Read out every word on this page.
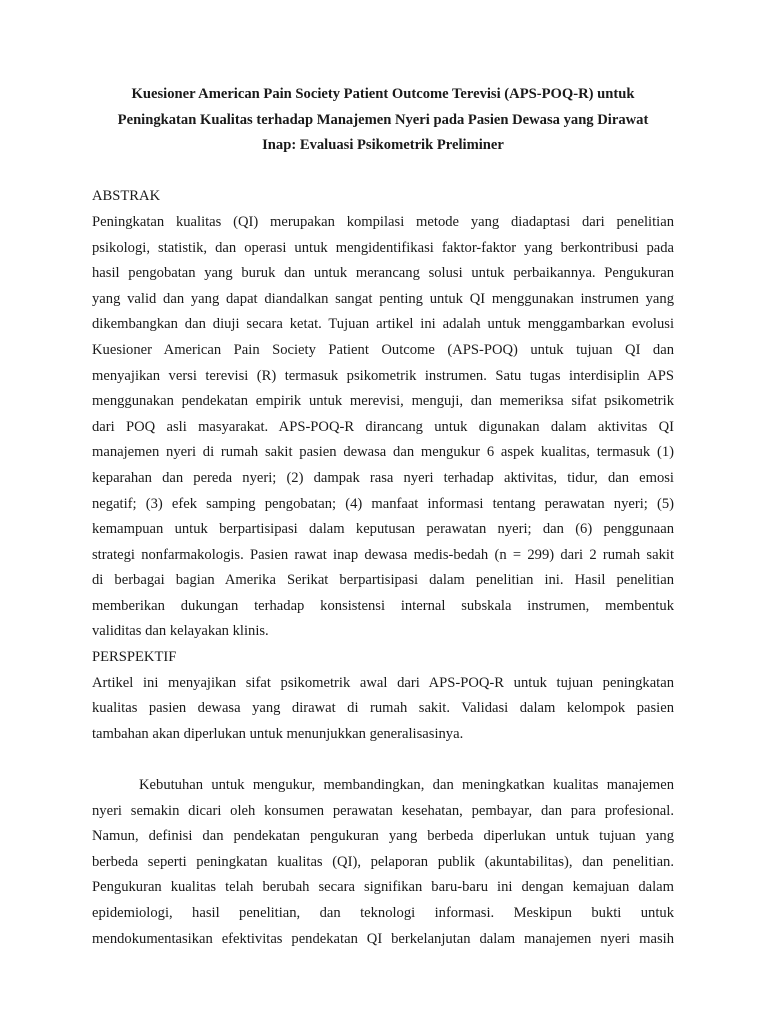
Kuesioner American Pain Society Patient Outcome Terevisi (APS-POQ-R) untuk
Peningkatan Kualitas terhadap Manajemen Nyeri pada Pasien Dewasa yang Dirawat
Inap: Evaluasi Psikometrik Preliminer

ABSTRAK

Peningkatan kualitas (QI) merupakan kompilasi metode yang diadaptasi dari penelitian
psikologi, statistik, dan operasi untuk mengidentifikasi faktor-faktor yang berkontribusi pada
hasil pengobatan yang buruk dan untuk merancang solusi untuk perbaikannya. Pengukuran
yang valid dan yang dapat diandalkan sangat penting untuk QI menggunakan instrumen yang
dikembangkan dan diuji secara ketat. Tujuan artikel ini adalah untuk menggambarkan evolusi
Kuesioner American Pain Society Patient Outcome (APS-POQ) untuk tujuan QI dan
menyajikan versi terevisi (R) termasuk psikometrik instrumen. Satu tugas interdisiplin APS
menggunakan pendekatan empirik untuk merevisi, menguji, dan memeriksa sifat psikometrik
dari POQ asli masyarakat. APS-POQ-R dirancang untuk digunakan dalam aktivitas QI
manajemen nyeri di rumah sakit pasien dewasa dan mengukur 6 aspek kualitas, termasuk (1)
keparahan dan pereda nyeri; (2) dampak rasa nyeri terhadap aktivitas, tidur, dan emosi
negatif; (3) efek samping pengobatan; (4) manfaat informasi tentang perawatan nyeri; (5)
kemampuan untuk berpartisipasi dalam keputusan perawatan nyeri; dan (6) penggunaan
strategi nonfarmakologis. Pasien rawat inap dewasa medis-bedah (n = 299) dari 2 rumah sakit
di berbagai bagian Amerika Serikat berpartisipasi dalam penelitian ini. Hasil penelitian
memberikan dukungan terhadap konsistensi internal subskala instrumen, membentuk
validitas dan kelayakan klinis.

PERSPEKTIF

Artikel ini menyajikan sifat psikometrik awal dari APS-POQ-R untuk tujuan peningkatan
kualitas pasien dewasa yang dirawat di rumah sakit. Validasi dalam kelompok pasien
tambahan akan diperlukan untuk menunjukkan generalisasinya.
Kebutuhan untuk mengukur, membandingkan, dan meningkatkan kualitas manajemen
nyeri semakin dicari oleh konsumen perawatan kesehatan, pembayar, dan para profesional.
Namun, definisi dan pendekatan pengukuran yang berbeda diperlukan untuk tujuan yang
berbeda seperti peningkatan kualitas (QI), pelaporan publik (akuntabilitas), dan penelitian.
Pengukuran kualitas telah berubah secara signifikan baru-baru ini dengan kemajuan dalam
epidemiologi, hasil penelitian, dan teknologi informasi. Meskipun bukti untuk
mendokumentasikan efektivitas pendekatan QI berkelanjutan dalam manajemen nyeri masih
